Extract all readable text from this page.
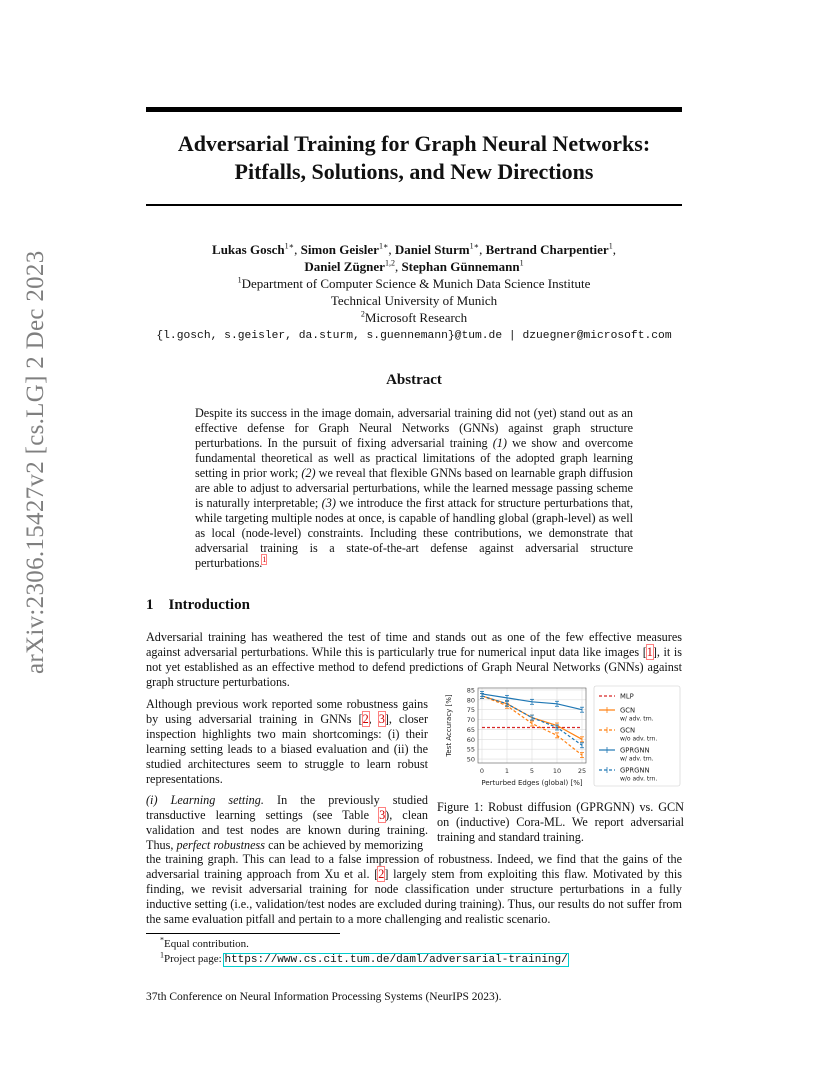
arXiv:2306.15427v2 [cs.LG] 2 Dec 2023
Adversarial Training for Graph Neural Networks:
Pitfalls, Solutions, and New Directions
Lukas Gosch$^{1∗}$, Simon Geisler$^{1∗}$, Daniel Sturm$^{1∗}$, Bertrand Charpentier$^1$,
Daniel Zügner$^{1,2}$, Stephan Günnemann$^1$
$^1$Department of Computer Science & Munich Data Science Institute
Technical University of Munich
$^2$Microsoft Research
{l.gosch, s.geisler, da.sturm, s.guennemann}@tum.de | dzuegner@microsoft.com
Abstract
Despite its success in the image domain, adversarial training did not (yet) stand out as an effective defense for Graph Neural Networks (GNNs) against graph structure perturbations. In the pursuit of fixing adversarial training (1) we show and overcome fundamental theoretical as well as practical limitations of the adopted graph learning setting in prior work; (2) we reveal that flexible GNNs based on learnable graph diffusion are able to adjust to adversarial perturbations, while the learned message passing scheme is naturally interpretable; (3) we introduce the first attack for structure perturbations that, while targeting multiple nodes at once, is capable of handling global (graph-level) as well as local (node-level) constraints. Including these contributions, we demonstrate that adversarial training is a state-of-the-art defense against adversarial structure perturbations.$^1$
1 Introduction
Adversarial training has weathered the test of time and stands out as one of the few effective measures against adversarial perturbations. While this is particularly true for numerical input data like images [1], it is not yet established as an effective method to defend predictions of Graph Neural Networks (GNNs) against graph structure perturbations.
Although previous work reported some robustness gains by using adversarial training in GNNs [2, 3], closer inspection highlights two main shortcomings: (i) their learning setting leads to a biased evaluation and (ii) the studied architectures seem to struggle to learn robust representations.
(i) Learning setting. In the previously studied transductive learning settings (see Table 3), clean validation and test nodes are known during training. Thus, perfect robustness can be achieved by memorizing
the training graph. This can lead to a false impression of robustness. Indeed, we find that the gains of the adversarial training approach from Xu et al. [2] largely stem from exploiting this flaw. Motivated by this finding, we revisit adversarial training for node classification under structure perturbations in a fully inductive setting (i.e., validation/test nodes are excluded during training). Thus, our results do not suffer from the same evaluation pitfall and pertain to a more challenging and realistic scenario.
50
55
60
65
70
75
80
85
0	1	5	10	25
Perturbed Edges (global) [%]
Test Accuracy [%]	MLP
GCN
w/ adv. trn.
GCN
w/o adv. trn.
GPRGNN
w/ adv. trn.
GPRGNN
w/o adv. trn.
Figure 1: Robust diffusion (GPRGNN) vs. GCN on (inductive) Cora-ML. We report adversarial training and standard training.
*Equal contribution.
$^1$Project page: https://www.cs.cit.tum.de/daml/adversarial-training/
37th Conference on Neural Information Processing Systems (NeurIPS 2023).
